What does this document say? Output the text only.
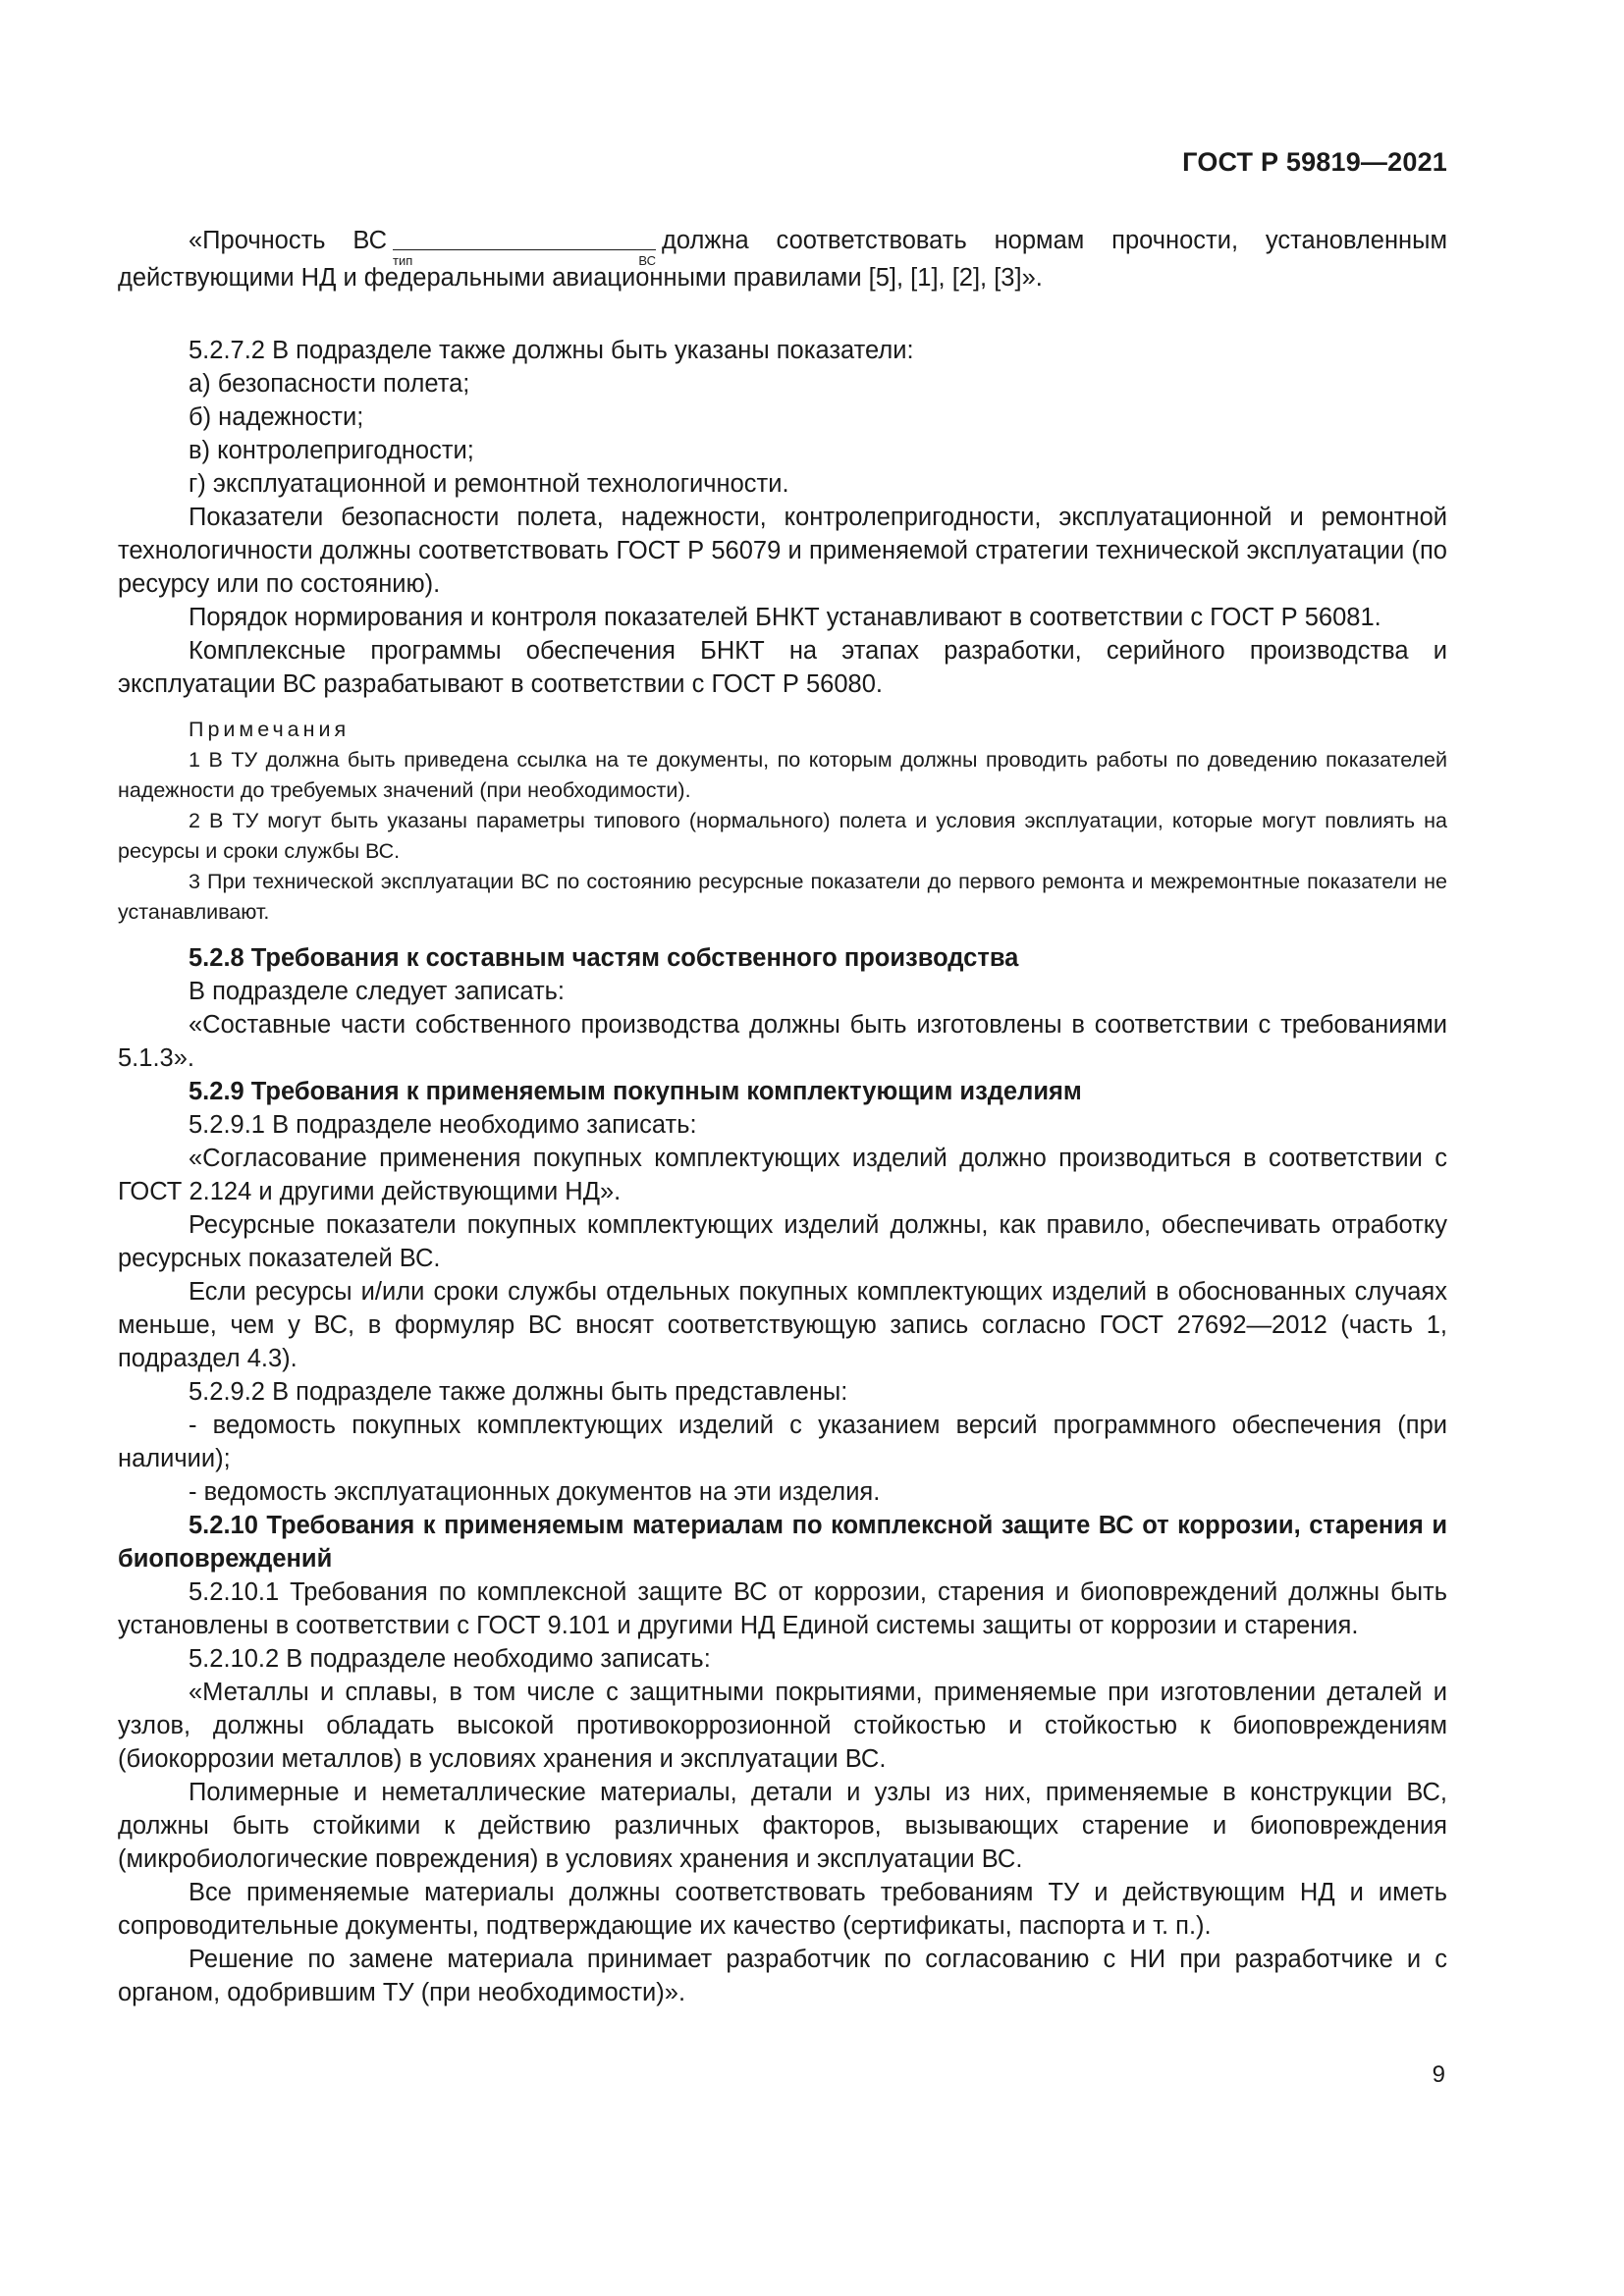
ГОСТ Р 59819—2021

«Прочность ВС
тип ВС
должна соответствовать нормам прочности, установленным

действующими НД и федеральными авиационными правилами [5], [1], [2], [3]».

5.2.7.2 В подразделе также должны быть указаны показатели:

а) безопасности полета;

б) надежности;

в) контролепригодности;

г) эксплуатационной и ремонтной технологичности.

Показатели безопасности полета, надежности, контролепригодности, эксплуатационной и ремонтной технологичности должны соответствовать ГОСТ Р 56079 и применяемой стратегии технической эксплуатации (по ресурсу или по состоянию).

Порядок нормирования и контроля показателей БНКТ устанавливают в соответствии с ГОСТ Р 56081.

Комплексные программы обеспечения БНКТ на этапах разработки, серийного производства и эксплуатации ВС разрабатывают в соответствии с ГОСТ Р 56080.

Примечания

1 В ТУ должна быть приведена ссылка на те документы, по которым должны проводить работы по доведению показателей надежности до требуемых значений (при необходимости).

2 В ТУ могут быть указаны параметры типового (нормального) полета и условия эксплуатации, которые могут повлиять на ресурсы и сроки службы ВС.

3 При технической эксплуатации ВС по состоянию ресурсные показатели до первого ремонта и межремонтные показатели не устанавливают.

5.2.8 Требования к составным частям собственного производства

В подразделе следует записать:

«Составные части собственного производства должны быть изготовлены в соответствии с требованиями 5.1.3».

5.2.9 Требования к применяемым покупным комплектующим изделиям

5.2.9.1 В подразделе необходимо записать:

«Согласование применения покупных комплектующих изделий должно производиться в соответствии с ГОСТ 2.124 и другими действующими НД».

Ресурсные показатели покупных комплектующих изделий должны, как правило, обеспечивать отработку ресурсных показателей ВС.

Если ресурсы и/или сроки службы отдельных покупных комплектующих изделий в обоснованных случаях меньше, чем у ВС, в формуляр ВС вносят соответствующую запись согласно ГОСТ 27692—2012 (часть 1, подраздел 4.3).

5.2.9.2 В подразделе также должны быть представлены:

- ведомость покупных комплектующих изделий с указанием версий программного обеспечения (при наличии);

- ведомость эксплуатационных документов на эти изделия.

5.2.10 Требования к применяемым материалам по комплексной защите ВС от коррозии, старения и биоповреждений

5.2.10.1 Требования по комплексной защите ВС от коррозии, старения и биоповреждений должны быть установлены в соответствии с ГОСТ 9.101 и другими НД Единой системы защиты от коррозии и старения.

5.2.10.2 В подразделе необходимо записать:

«Металлы и сплавы, в том числе с защитными покрытиями, применяемые при изготовлении деталей и узлов, должны обладать высокой противокоррозионной стойкостью и стойкостью к биоповреждениям (биокоррозии металлов) в условиях хранения и эксплуатации ВС.

Полимерные и неметаллические материалы, детали и узлы из них, применяемые в конструкции ВС, должны быть стойкими к действию различных факторов, вызывающих старение и биоповреждения (микробиологические повреждения) в условиях хранения и эксплуатации ВС.

Все применяемые материалы должны соответствовать требованиям ТУ и действующим НД и иметь сопроводительные документы, подтверждающие их качество (сертификаты, паспорта и т. п.).

Решение по замене материала принимает разработчик по согласованию с НИ при разработчике и с органом, одобрившим ТУ (при необходимости)».

9
